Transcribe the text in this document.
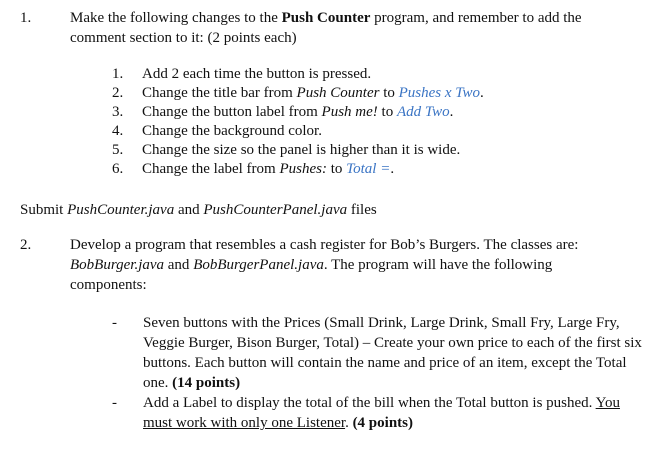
1.	Make the following changes to the Push Counter program, and remember to add the
comment section to it: (2 points each)
1.	Add 2 each time the button is pressed.
2.	Change the title bar from Push Counter to Pushes x Two.
3.	Change the button label from Push me! to Add Two.
4.	Change the background color.
5.	Change the size so the panel is higher than it is wide.
6.	Change the label from Pushes: to Total =.
Submit PushCounter.java and PushCounterPanel.java files
2.	Develop a program that resembles a cash register for Bob’s Burgers. The classes are:
BobBurger.java and BobBurgerPanel.java. The program will have the following
components:
-	Seven buttons with the Prices (Small Drink, Large Drink, Small Fry, Large Fry, Veggie Burger, Bison Burger, Total) – Create your own price to each of the first six buttons. Each button will contain the name and price of an item, except the Total one. (14 points)
-	Add a Label to display the total of the bill when the Total button is pushed. You must work with only one Listener. (4 points)
